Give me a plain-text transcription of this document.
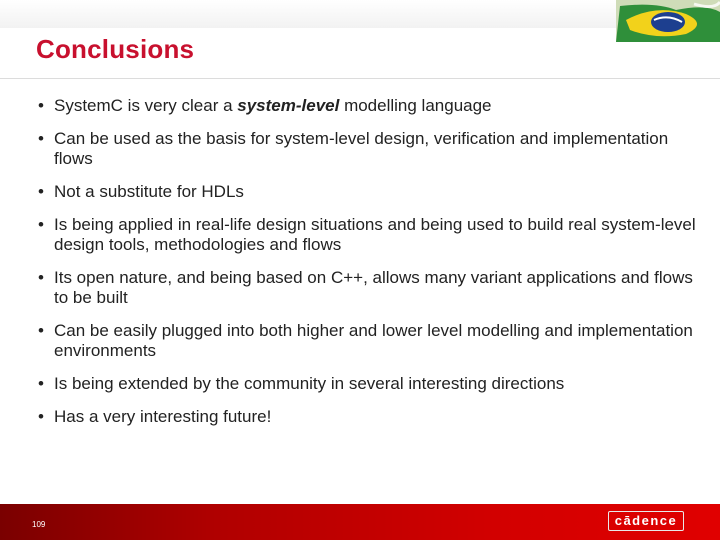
Conclusions
• SystemC is very clear a system-level modelling language
• Can be used as the basis for system-level design, verification and implementation flows
• Not a substitute for HDLs
• Is being applied in real-life design situations and being used to build real system-level design tools, methodologies and flows
• Its open nature, and being based on C++, allows many variant applications and flows to be built
• Can be easily plugged into both higher and lower level modelling and implementation environments
• Is being extended by the community in several interesting directions
• Has a very interesting future!
109	cādence
